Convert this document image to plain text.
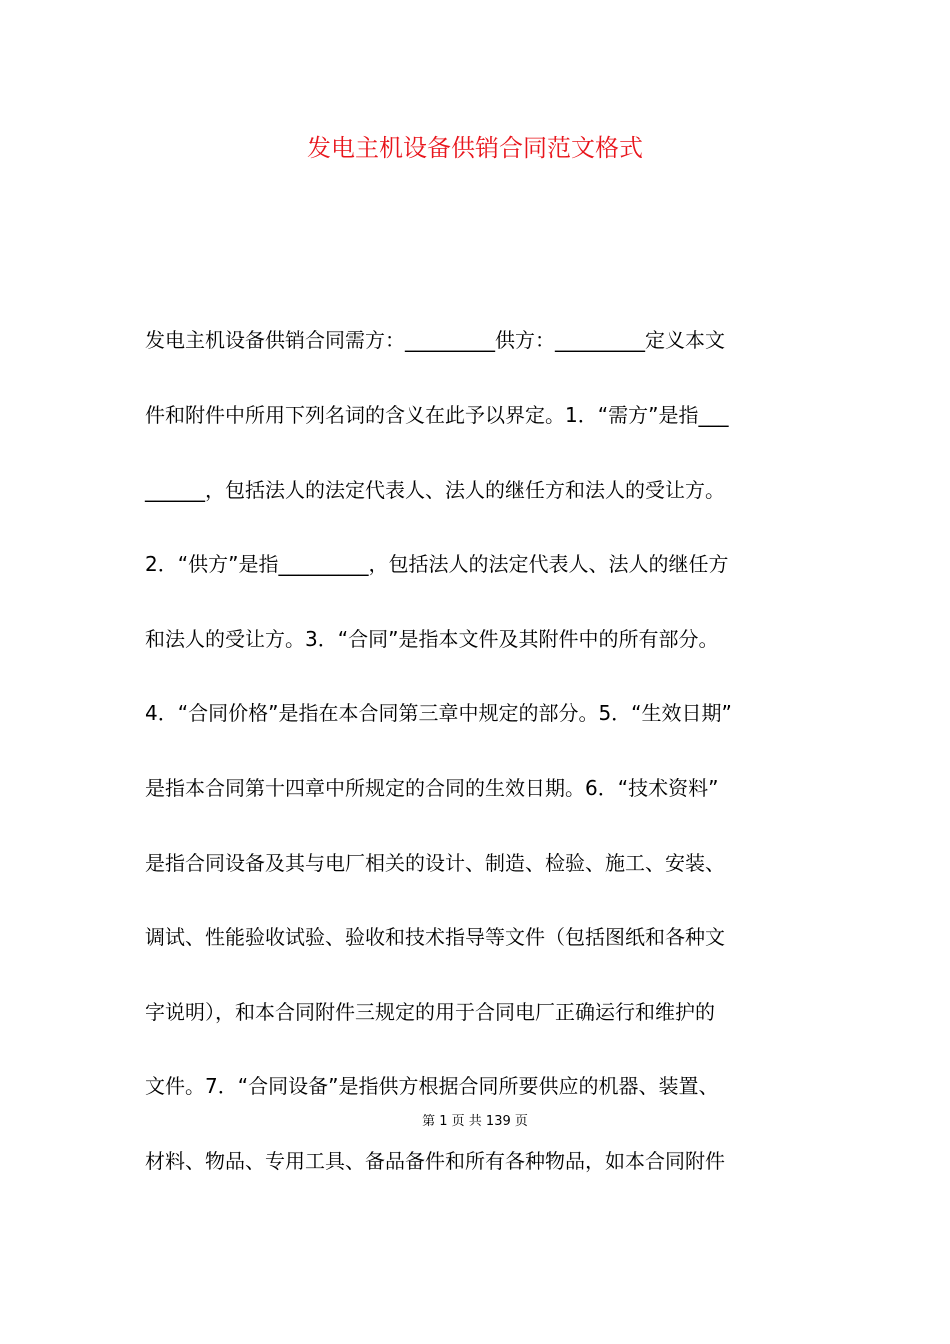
发电主机设备供销合同范文格式
发电主机设备供销合同需方：_________供方：_________定义本文
件和附件中所用下列名词的含义在此予以界定。1．“需方”是指___
______，包括法人的法定代表人、法人的继任方和法人的受让方。
2．“供方”是指_________，包括法人的法定代表人、法人的继任方
和法人的受让方。3．“合同”是指本文件及其附件中的所有部分。
4．“合同价格”是指在本合同第三章中规定的部分。5．“生效日期”
是指本合同第十四章中所规定的合同的生效日期。6．“技术资料”
是指合同设备及其与电厂相关的设计、制造、检验、施工、安装、
调试、性能验收试验、验收和技术指导等文件（包括图纸和各种文
字说明），和本合同附件三规定的用于合同电厂正确运行和维护的
文件。7．“合同设备”是指供方根据合同所要供应的机器、装置、
材料、物品、专用工具、备品备件和所有各种物品，如本合同附件
第 1 页 共 139 页
